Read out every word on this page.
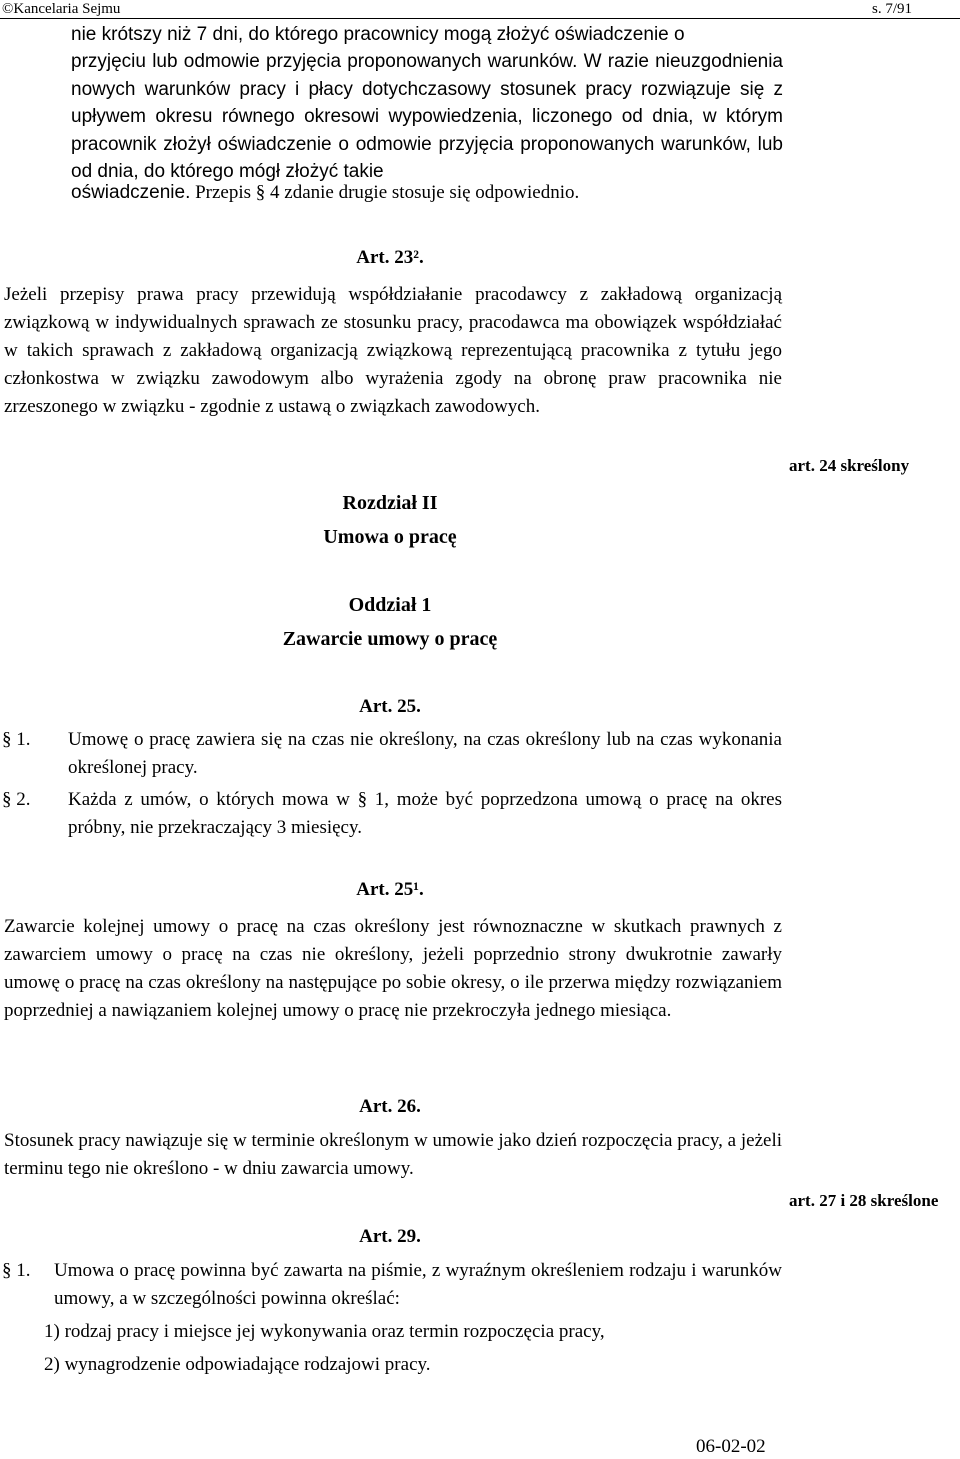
©Kancelaria Sejmu	s. 7/91
nie krótszy niż 7 dni, do którego pracownicy mogą złożyć oświadczenie o
przyjęciu lub odmowie przyjęcia proponowanych warunków. W razie nieuzgodnienia nowych warunków pracy i płacy dotychczasowy stosunek pracy rozwiązuje się z upływem okresu równego okresowi wypowiedzenia, liczonego od dnia, w którym pracownik złożył oświadczenie o odmowie przyjęcia proponowanych warunków, lub od dnia, do którego mógł złożyć takie
oświadczenie. Przepis § 4 zdanie drugie stosuje się odpowiednio.
Art. 23².
Jeżeli przepisy prawa pracy przewidują współdziałanie pracodawcy z zakładową organizacją związkową w indywidualnych sprawach ze stosunku pracy, pracodawca ma obowiązek współdziałać w takich sprawach z zakładową organizacją związkową reprezentującą pracownika z tytułu jego członkostwa w związku zawodowym albo wyrażenia zgody na obronę praw pracownika nie zrzeszonego w związku - zgodnie z ustawą o związkach zawodowych.
art. 24 skreślony
Rozdział II
Umowa o pracę
Oddział 1
Zawarcie umowy o pracę
Art. 25.
§ 1. Umowę o pracę zawiera się na czas nie określony, na czas określony lub na czas wykonania określonej pracy.
§ 2. Każda z umów, o których mowa w § 1, może być poprzedzona umową o pracę na okres próbny, nie przekraczający 3 miesięcy.
Art. 25¹.
Zawarcie kolejnej umowy o pracę na czas określony jest równoznaczne w skutkach prawnych z zawarciem umowy o pracę na czas nie określony, jeżeli poprzednio strony dwukrotnie zawarły umowę o pracę na czas określony na następujące po sobie okresy, o ile przerwa między rozwiązaniem poprzedniej a nawiązaniem kolejnej umowy o pracę nie przekroczyła jednego miesiąca.
Art. 26.
Stosunek pracy nawiązuje się w terminie określonym w umowie jako dzień rozpoczęcia pracy, a jeżeli terminu tego nie określono - w dniu zawarcia umowy.
art. 27 i 28 skreślone
Art. 29.
§ 1. Umowa o pracę powinna być zawarta na piśmie, z wyraźnym określeniem rodzaju i warunków umowy, a w szczególności powinna określać:
1) rodzaj pracy i miejsce jej wykonywania oraz termin rozpoczęcia pracy,
2) wynagrodzenie odpowiadające rodzajowi pracy.
06-02-02
